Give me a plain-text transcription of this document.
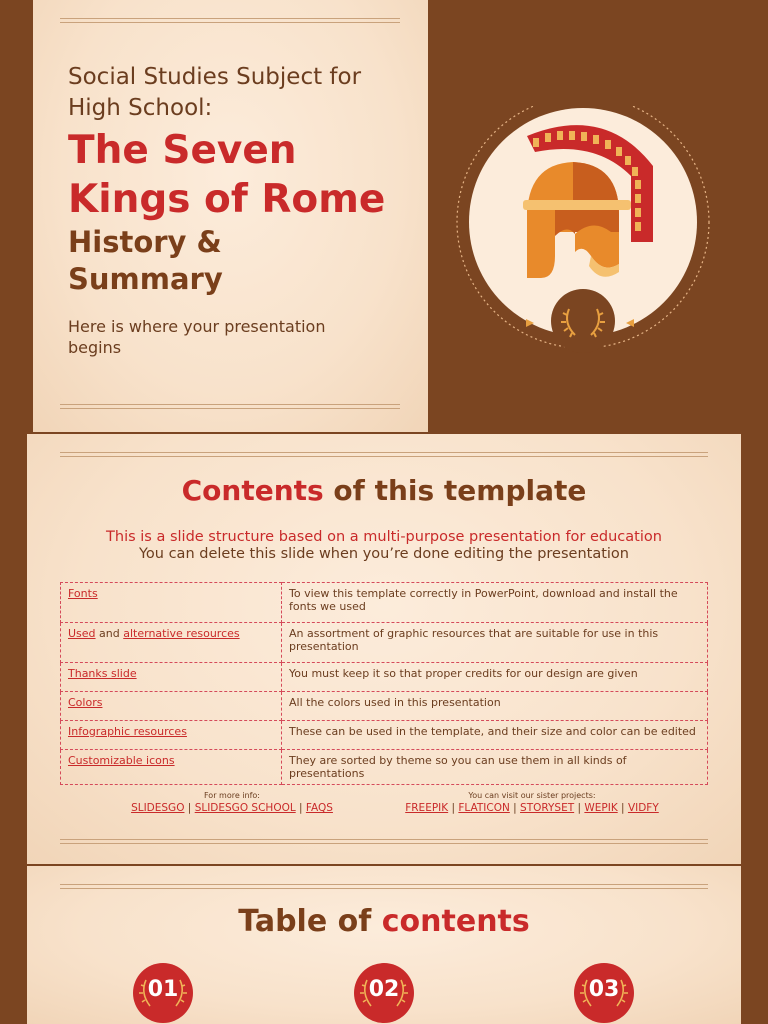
Social Studies Subject for High School:
The Seven Kings of Rome
History & Summary
Here is where your presentation begins
Contents of this template
This is a slide structure based on a multi-purpose presentation for education
You can delete this slide when you’re done editing the presentation
Fonts	To view this template correctly in PowerPoint, download and install the fonts we used
Used and alternative resources	An assortment of graphic resources that are suitable for use in this presentation
Thanks slide	You must keep it so that proper credits for our design are given
Colors	All the colors used in this presentation
Infographic resources	These can be used in the template, and their size and color can be edited
Customizable icons	They are sorted by theme so you can use them in all kinds of presentations
For more info:
SLIDESGO | SLIDESGO SCHOOL | FAQS
You can visit our sister projects:
FREEPIK | FLATICON | STORYSET | WEPIK | VIDFY
Table of contents
01	02	03
